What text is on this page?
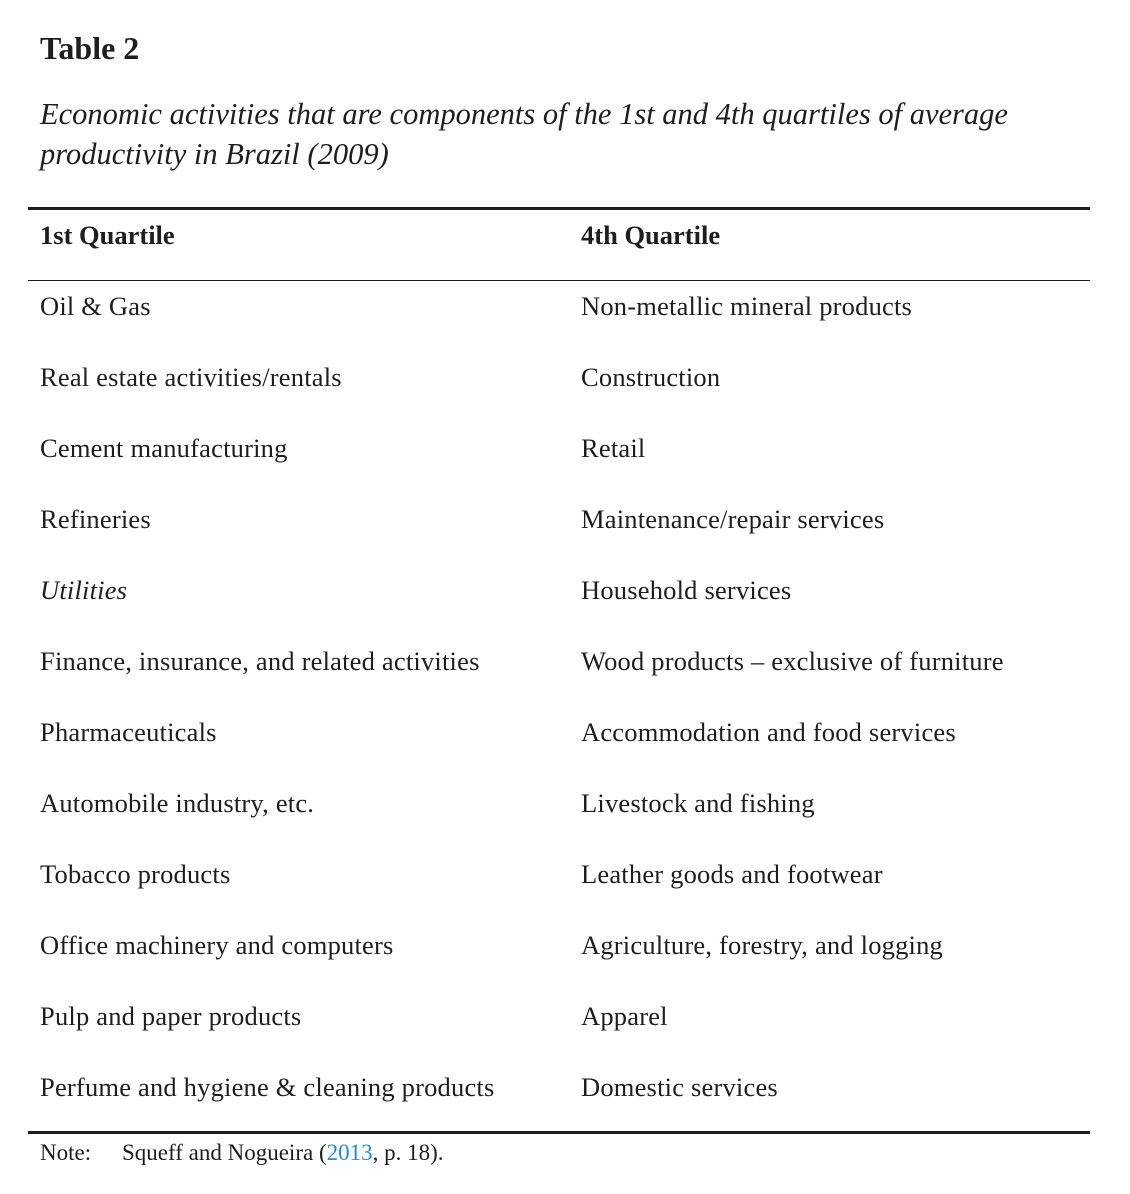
Table 2

Economic activities that are components of the 1st and 4th quartiles of average productivity in Brazil (2009)

1st Quartile	4th Quartile
Oil & Gas	Non-metallic mineral products
Real estate activities/rentals	Construction
Cement manufacturing	Retail
Refineries	Maintenance/repair services
Utilities	Household services
Finance, insurance, and related activities	Wood products – exclusive of furniture
Pharmaceuticals	Accommodation and food services
Automobile industry, etc.	Livestock and fishing
Tobacco products	Leather goods and footwear
Office machinery and computers	Agriculture, forestry, and logging
Pulp and paper products	Apparel
Perfume and hygiene & cleaning products	Domestic services

Note: Squeff and Nogueira (2013, p. 18).
